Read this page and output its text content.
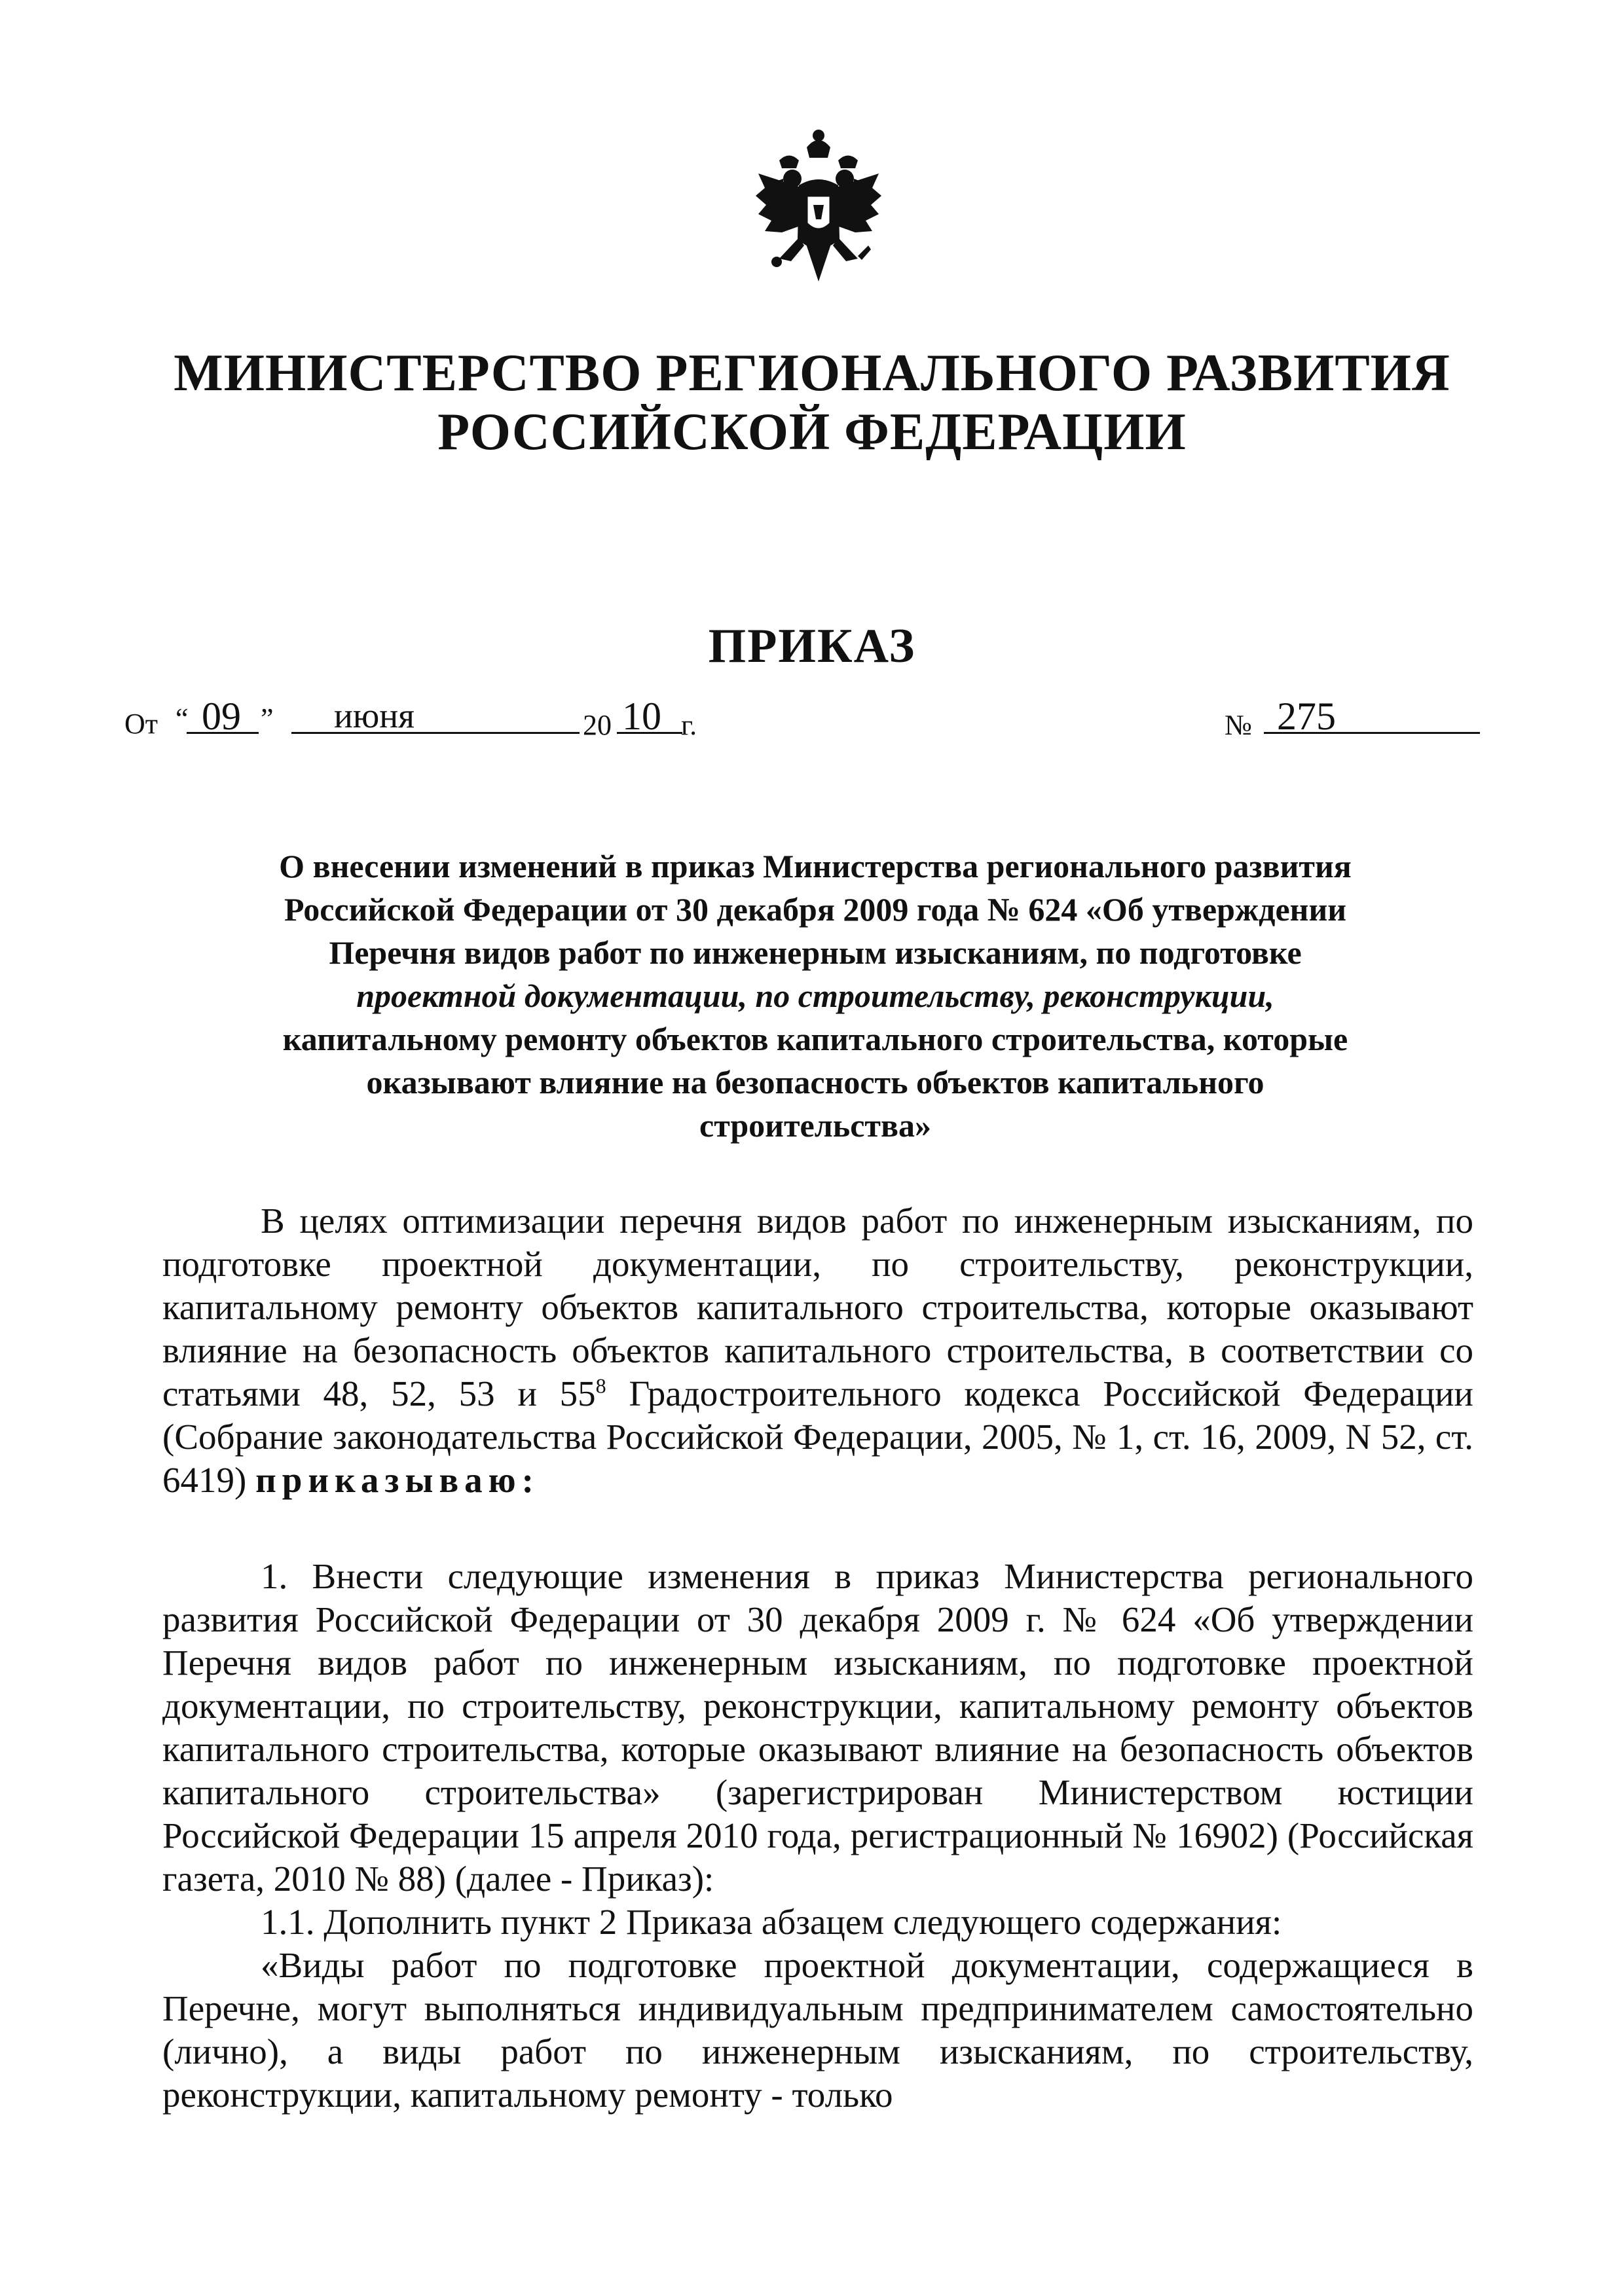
МИНИСТЕРСТВО РЕГИОНАЛЬНОГО РАЗВИТИЯ
РОССИЙСКОЙ ФЕДЕРАЦИИ
ПРИКАЗ
От “ 09 ” июня	20 10 г.	№ 275
О внесении изменений в приказ Министерства регионального развития
Российской Федерации от 30 декабря 2009 года № 624 «Об утверждении
Перечня видов работ по инженерным изысканиям, по подготовке
проектной документации, по строительству, реконструкции,
капитальному ремонту объектов капитального строительства, которые
оказывают влияние на безопасность объектов капитального
строительства»

В целях оптимизации перечня видов работ по инженерным изысканиям, по подготовке проектной документации, по строительству, реконструкции, капитальному ремонту объектов капитального строительства, которые оказывают влияние на безопасность объектов капитального строительства, в соответствии со статьями 48, 52, 53 и $55^8$ Градостроительного кодекса Российской Федерации (Собрание законодательства Российской Федерации, 2005, № 1, ст. 16, 2009, N 52, ст. 6419) приказываю:

1. Внести следующие изменения в приказ Министерства регионального развития Российской Федерации от 30 декабря 2009 г. № 624 «Об утверждении Перечня видов работ по инженерным изысканиям, по подготовке проектной документации, по строительству, реконструкции, капитальному ремонту объектов капитального строительства, которые оказывают влияние на безопасность объектов капитального строительства» (зарегистрирован Министерством юстиции Российской Федерации 15 апреля 2010 года, регистрационный № 16902) (Российская газета, 2010 № 88) (далее - Приказ):

1.1. Дополнить пункт 2 Приказа абзацем следующего содержания:

«Виды работ по подготовке проектной документации, содержащиеся в Перечне, могут выполняться индивидуальным предпринимателем самостоятельно (лично), а виды работ по инженерным изысканиям, по строительству, реконструкции, капитальному ремонту - только
